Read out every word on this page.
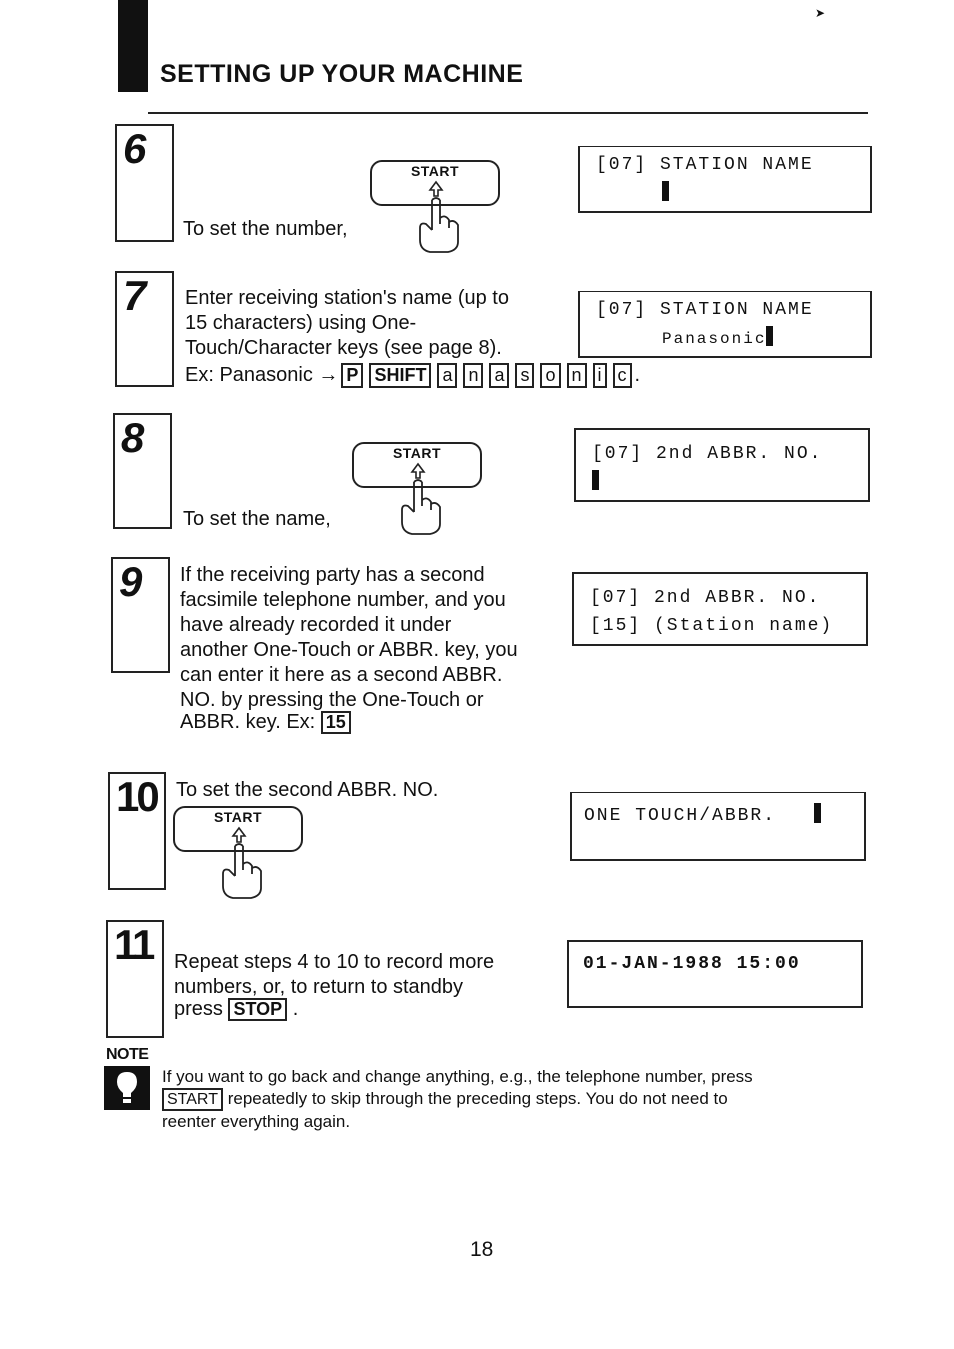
➤
SETTING UP YOUR MACHINE
6
To set the number,
START	[07] STATION NAME
7 Enter receiving station's name (up to
15 characters) using One-
Touch/Character keys (see page 8).
Ex: Panasonic → P SHIFT a n a s o n i c .
[07] STATION NAME
Panasonic
8
To set the name,
START	[07] 2nd ABBR. NO.
9 If the receiving party has a second
facsimile telephone number, and you
have already recorded it under
another One-Touch or ABBR. key, you
can enter it here as a second ABBR.
NO. by pressing the One-Touch or
ABBR. key. Ex: 15
[07] 2nd ABBR. NO.
[15] (Station name)
10 To set the second ABBR. NO.
START	ONE TOUCH/ABBR.
11 Repeat steps 4 to 10 to record more
numbers, or, to return to standby
press STOP .
01-JAN-1988 15:00
NOTE
If you want to go back and change anything, e.g., the telephone number, press
START repeatedly to skip through the preceding steps. You do not need to
reenter everything again.
18
